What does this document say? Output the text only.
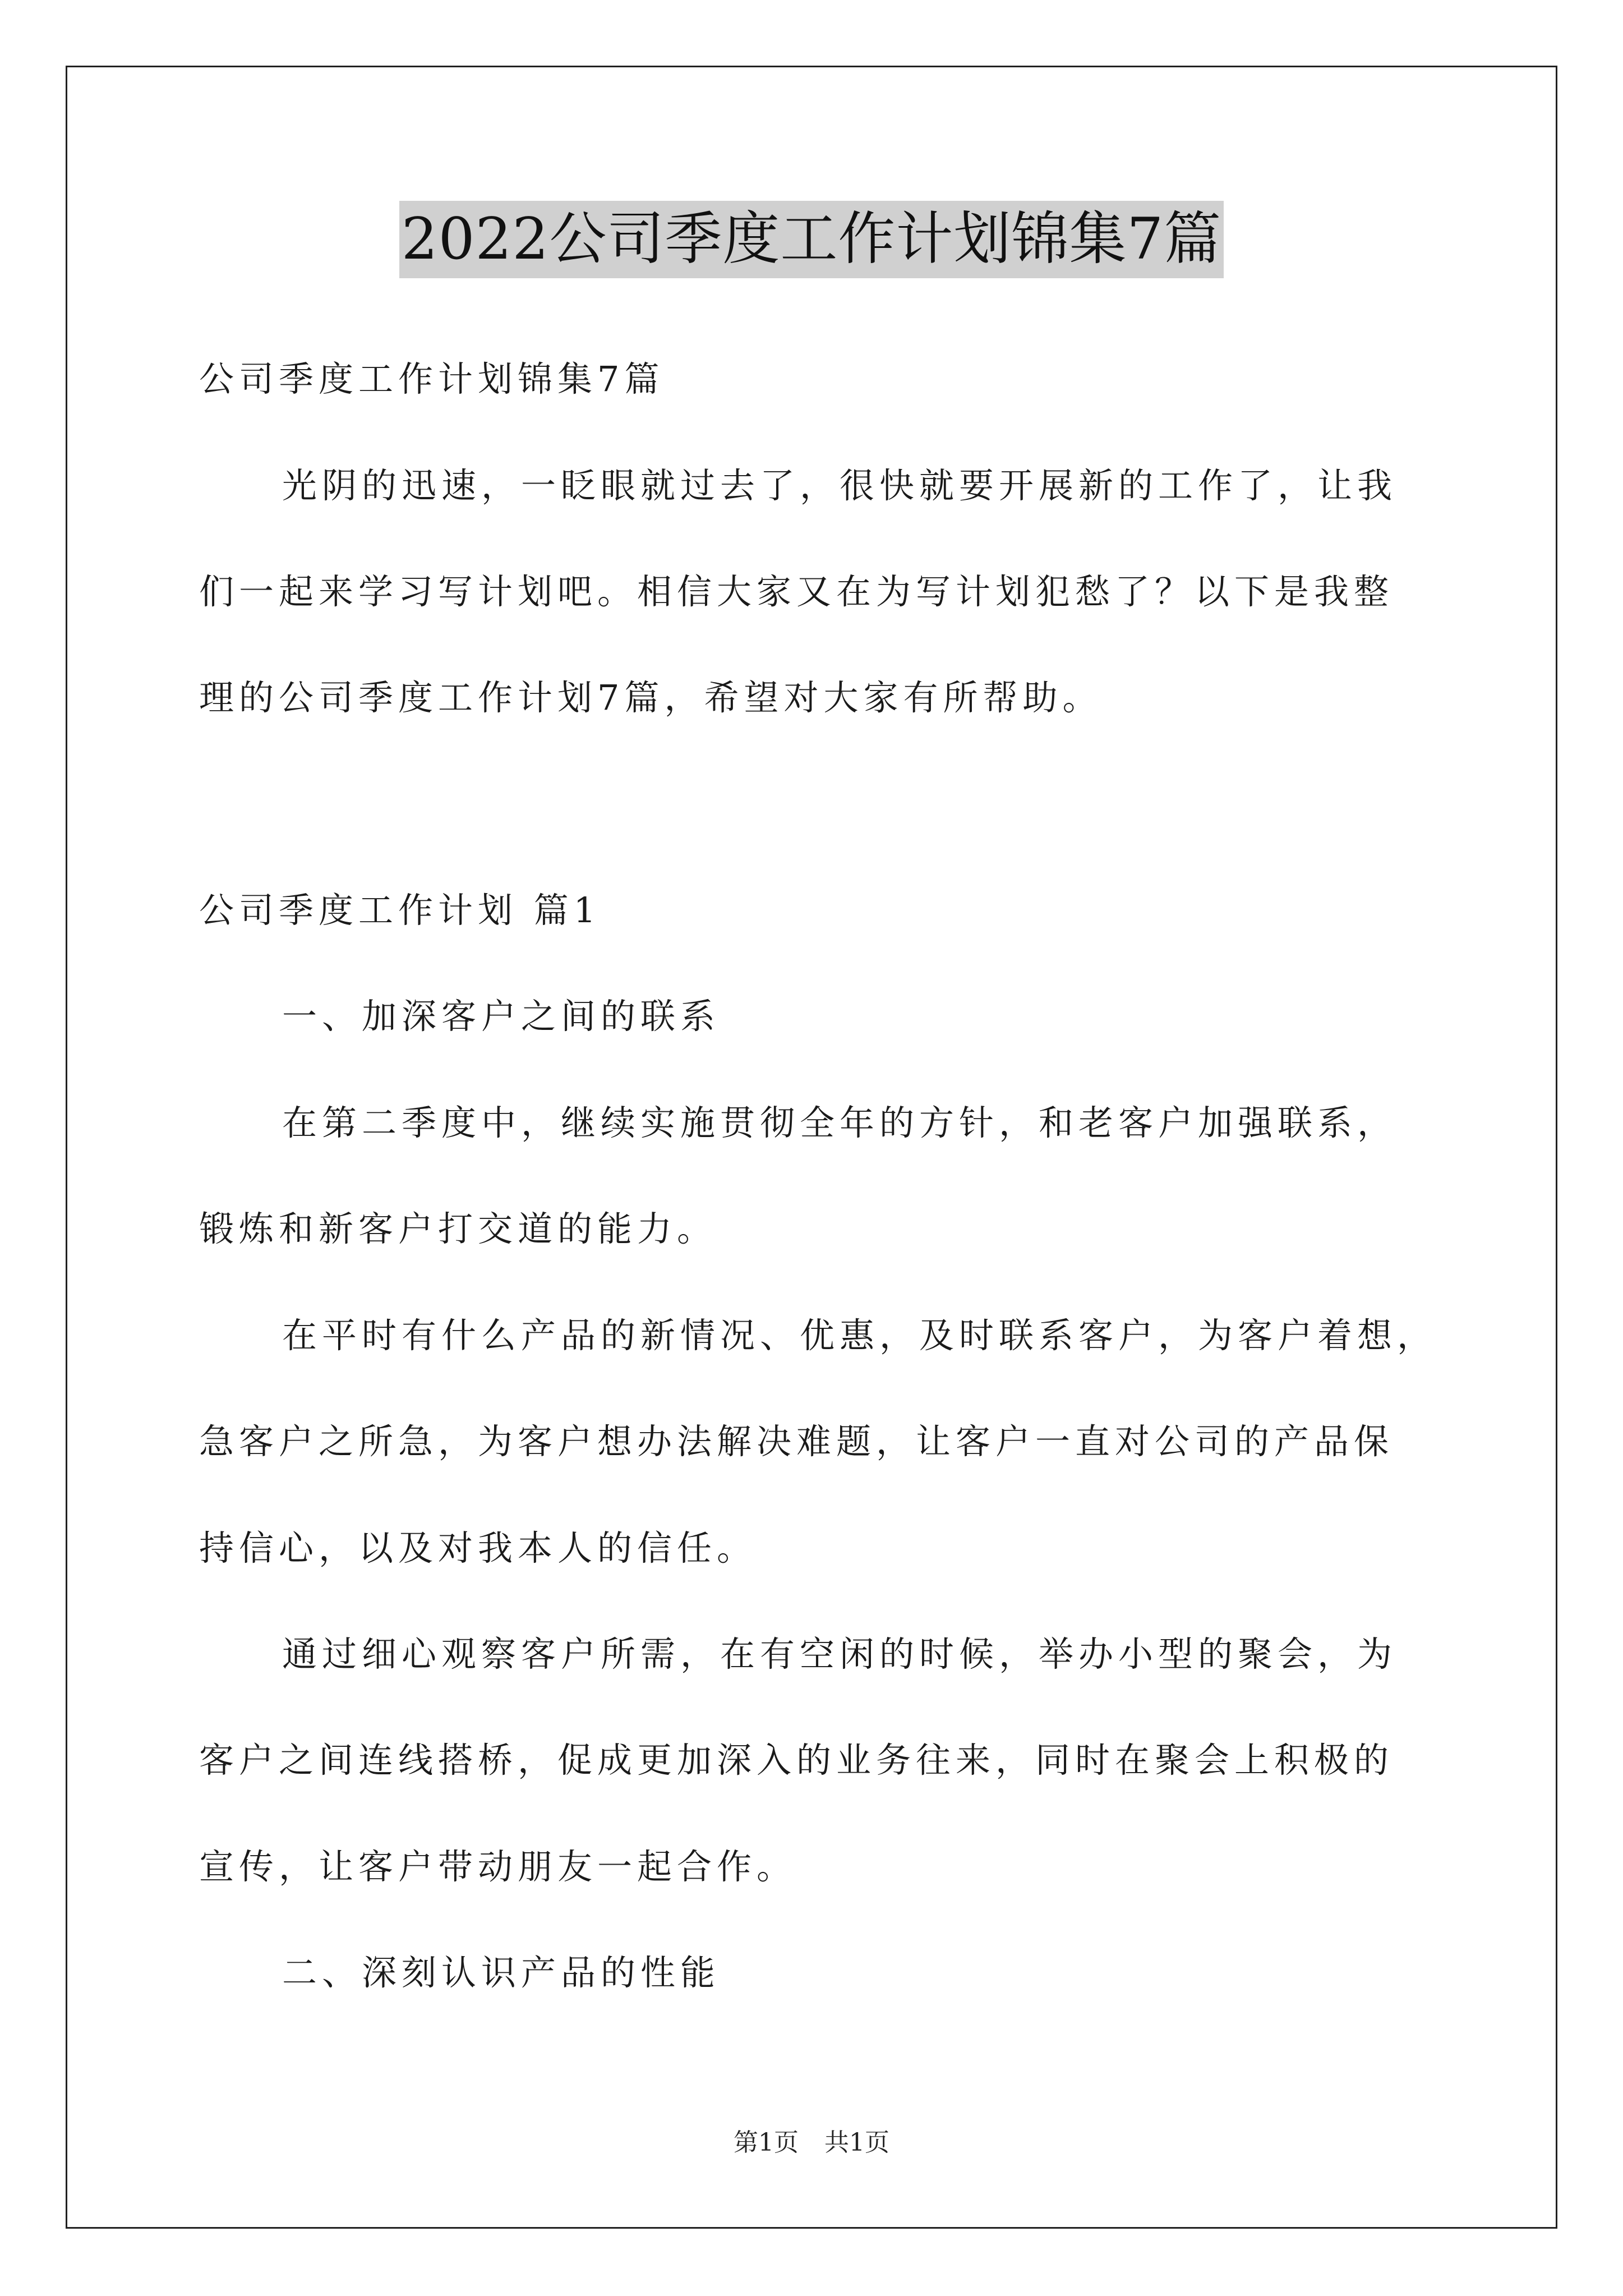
2022公司季度工作计划锦集7篇
公司季度工作计划锦集7篇
光阴的迅速，一眨眼就过去了，很快就要开展新的工作了，让我
们一起来学习写计划吧。相信大家又在为写计划犯愁了？以下是我整
理的公司季度工作计划7篇，希望对大家有所帮助。
公司季度工作计划 篇1
一、加深客户之间的联系
在第二季度中，继续实施贯彻全年的方针，和老客户加强联系，
锻炼和新客户打交道的能力。
在平时有什么产品的新情况、优惠，及时联系客户，为客户着想，
急客户之所急，为客户想办法解决难题，让客户一直对公司的产品保
持信心，以及对我本人的信任。
通过细心观察客户所需，在有空闲的时候，举办小型的聚会，为
客户之间连线搭桥，促成更加深入的业务往来，同时在聚会上积极的
宣传，让客户带动朋友一起合作。
二、深刻认识产品的性能
第1页 共1页
